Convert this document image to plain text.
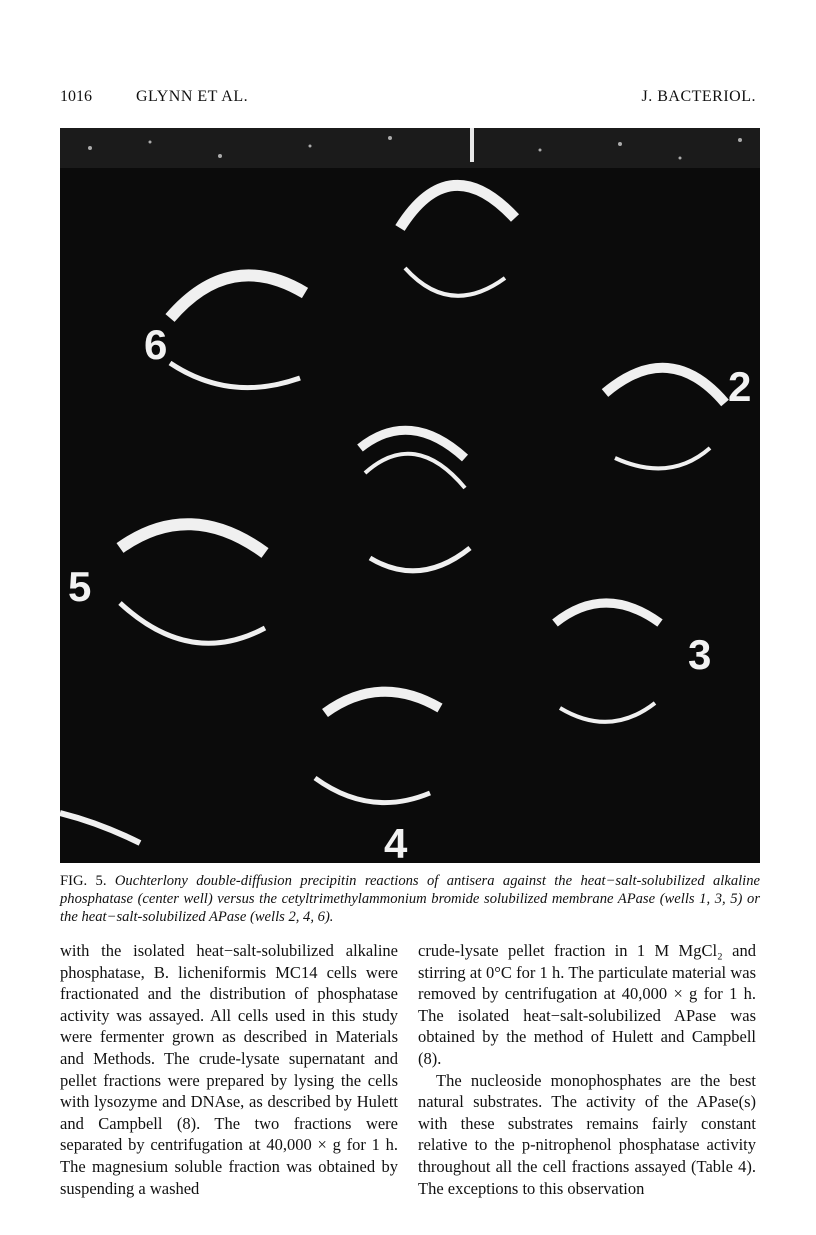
1016	GLYNN ET AL.	J. BACTERIOL.
6
2
5
3
4
FIG. 5. Ouchterlony double-diffusion precipitin reactions of antisera against the heat−salt-solubilized alkaline phosphatase (center well) versus the cetyltrimethylammonium bromide solubilized membrane APase (wells 1, 3, 5) or the heat−salt-solubilized APase (wells 2, 4, 6).

with the isolated heat−salt-solubilized alkaline phosphatase, B. licheniformis MC14 cells were fractionated and the distribution of phosphatase activity was assayed. All cells used in this study were fermenter grown as described in Materials and Methods. The crude-lysate supernatant and pellet fractions were prepared by lysing the cells with lysozyme and DNAse, as described by Hulett and Campbell (8). The two fractions were separated by centrifugation at 40,000 × g for 1 h. The magnesium soluble fraction was obtained by suspending a washed

crude-lysate pellet fraction in 1 M MgCl₂ and stirring at 0°C for 1 h. The particulate material was removed by centrifugation at 40,000 × g for 1 h. The isolated heat−salt-solubilized APase was obtained by the method of Hulett and Campbell (8).

The nucleoside monophosphates are the best natural substrates. The activity of the APase(s) with these substrates remains fairly constant relative to the p-nitrophenol phosphatase activity throughout all the cell fractions assayed (Table 4). The exceptions to this observation
